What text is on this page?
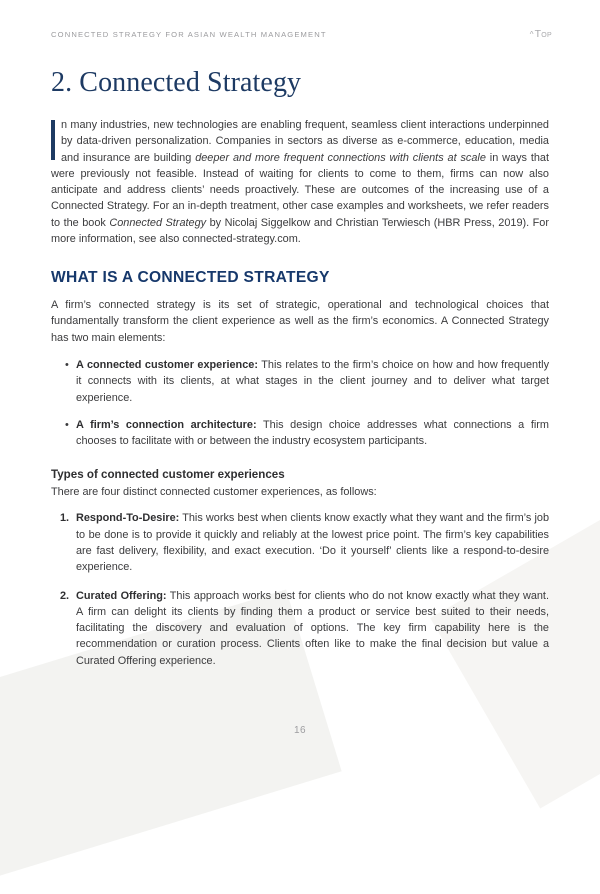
CONNECTED STRATEGY FOR ASIAN WEALTH MANAGEMENT	^ Top
2. Connected Strategy

n many industries, new technologies are enabling frequent, seamless client interactions underpinned by data-driven personalization. Companies in sectors as diverse as e-commerce, education, media and insurance are building deeper and more frequent connections with clients at scale in ways that were previously not feasible. Instead of waiting for clients to come to them, firms can now also anticipate and address clients’ needs proactively. These are outcomes of the increasing use of a Connected Strategy. For an in-depth treatment, other case examples and worksheets, we refer readers to the book Connected Strategy by Nicolaj Siggelkow and Christian Terwiesch (HBR Press, 2019). For more information, see also connected-strategy.com.

WHAT IS A CONNECTED STRATEGY

A firm’s connected strategy is its set of strategic, operational and technological choices that fundamentally transform the client experience as well as the firm’s economics. A Connected Strategy has two main elements:

• A connected customer experience: This relates to the firm’s choice on how and how frequently it connects with its clients, at what stages in the client journey and to deliver what target experience.
• A firm’s connection architecture: This design choice addresses what connections a firm chooses to facilitate with or between the industry ecosystem participants.
Types of connected customer experiences

There are four distinct connected customer experiences, as follows:

1. Respond-To-Desire: This works best when clients know exactly what they want and the firm’s job to be done is to provide it quickly and reliably at the lowest price point. The firm’s key capabilities are fast delivery, flexibility, and exact execution. ‘Do it yourself’ clients like a respond-to-desire experience.
2. Curated Offering: This approach works best for clients who do not know exactly what they want. A firm can delight its clients by finding them a product or service best suited to their needs, facilitating the discovery and evaluation of options. The key firm capability here is the recommendation or curation process. Clients often like to make the final decision but value a Curated Offering experience.
16
